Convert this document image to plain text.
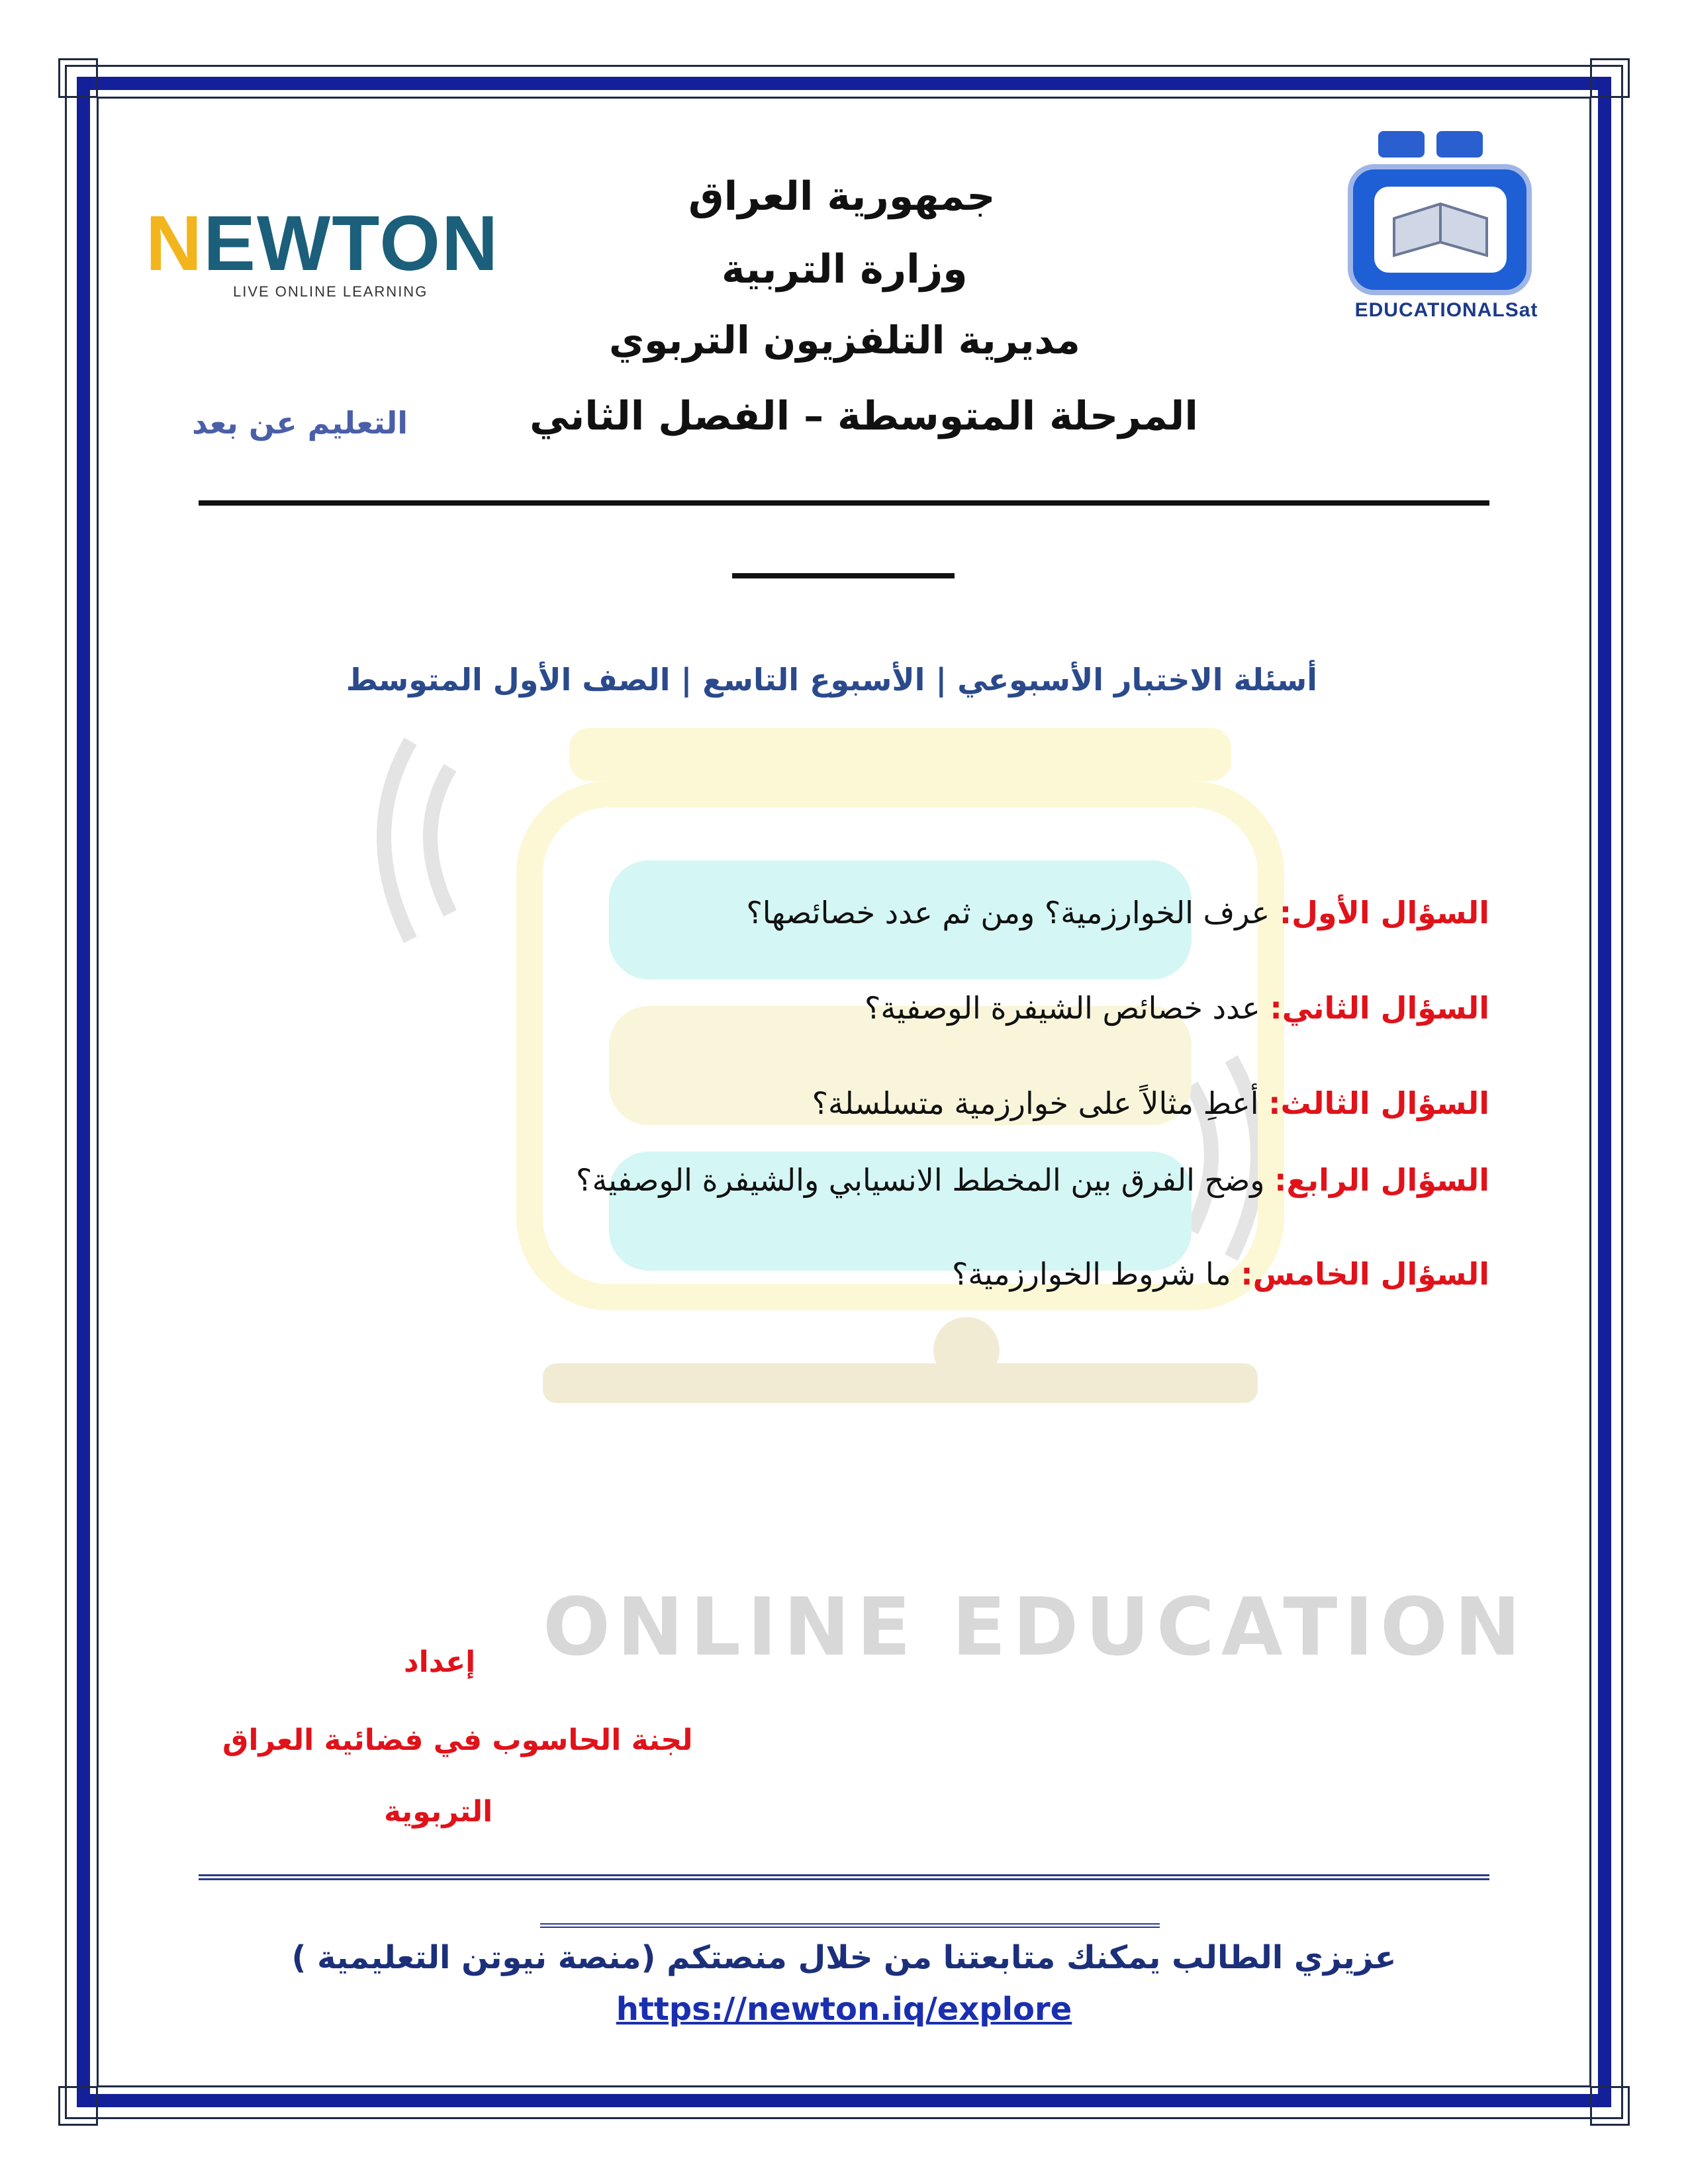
ONLINE EDUCATION
NEWTON
LIVE ONLINE LEARNING
EDUCATIONALSat
جمهورية العراق
وزارة التربية
مديرية التلفزيون التربوي
المرحلة المتوسطة – الفصل الثاني
التعليم عن بعد
أسئلة الاختبار الأسبوعي | الأسبوع التاسع | الصف الأول المتوسط
السؤال الأول: عرف الخوارزمية؟ ومن ثم عدد خصائصها؟
السؤال الثاني: عدد خصائص الشيفرة الوصفية؟
السؤال الثالث: أعطِ مثالاً على خوارزمية متسلسلة؟
السؤال الرابع: وضح الفرق بين المخطط الانسيابي والشيفرة الوصفية؟
السؤال الخامس: ما شروط الخوارزمية؟
إعداد
لجنة الحاسوب في فضائية العراق
التربوية
عزيزي الطالب يمكنك متابعتنا من خلال منصتكم (منصة نيوتن التعليمية )
https://newton.iq/explore
